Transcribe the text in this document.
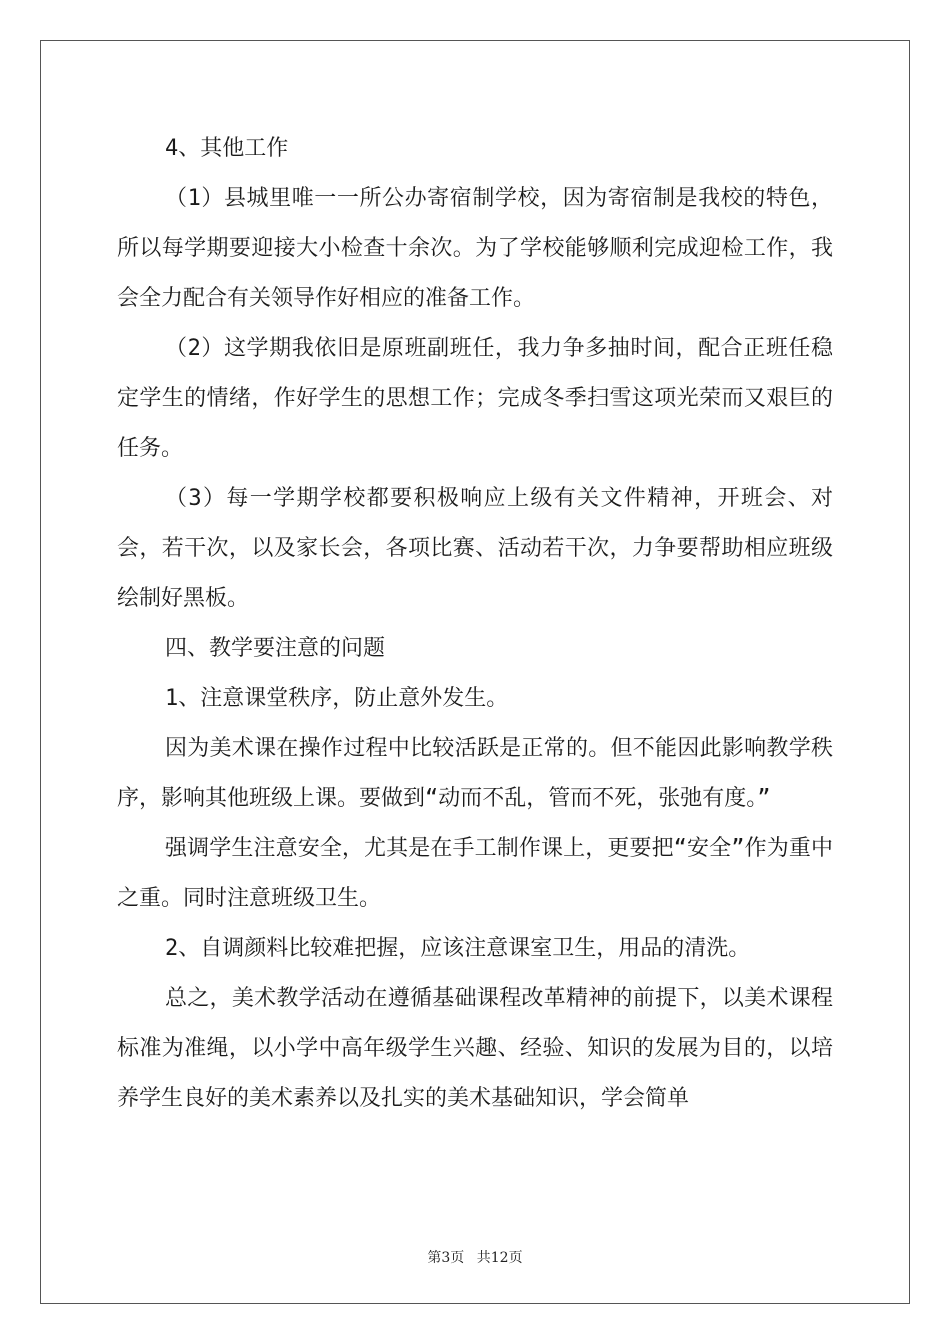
4、其他工作

（1）县城里唯一一所公办寄宿制学校，因为寄宿制是我校的特色，所以每学期要迎接大小检查十余次。为了学校能够顺利完成迎检工作，我会全力配合有关领导作好相应的准备工作。

（2）这学期我依旧是原班副班任，我力争多抽时间，配合正班任稳定学生的情绪，作好学生的思想工作；完成冬季扫雪这项光荣而又艰巨的任务。

（3）每一学期学校都要积极响应上级有关文件精神，开班会、对会，若干次，以及家长会，各项比赛、活动若干次，力争要帮助相应班级绘制好黑板。

四、教学要注意的问题

1、注意课堂秩序，防止意外发生。

因为美术课在操作过程中比较活跃是正常的。但不能因此影响教学秩序，影响其他班级上课。要做到“动而不乱，管而不死，张弛有度。”

强调学生注意安全，尤其是在手工制作课上，更要把“安全”作为重中之重。同时注意班级卫生。

2、自调颜料比较难把握，应该注意课室卫生，用品的清洗。

总之，美术教学活动在遵循基础课程改革精神的前提下，以美术课程标准为准绳，以小学中高年级学生兴趣、经验、知识的发展为目的，以培养学生良好的美术素养以及扎实的美术基础知识，学会简单

第3页 共12页
